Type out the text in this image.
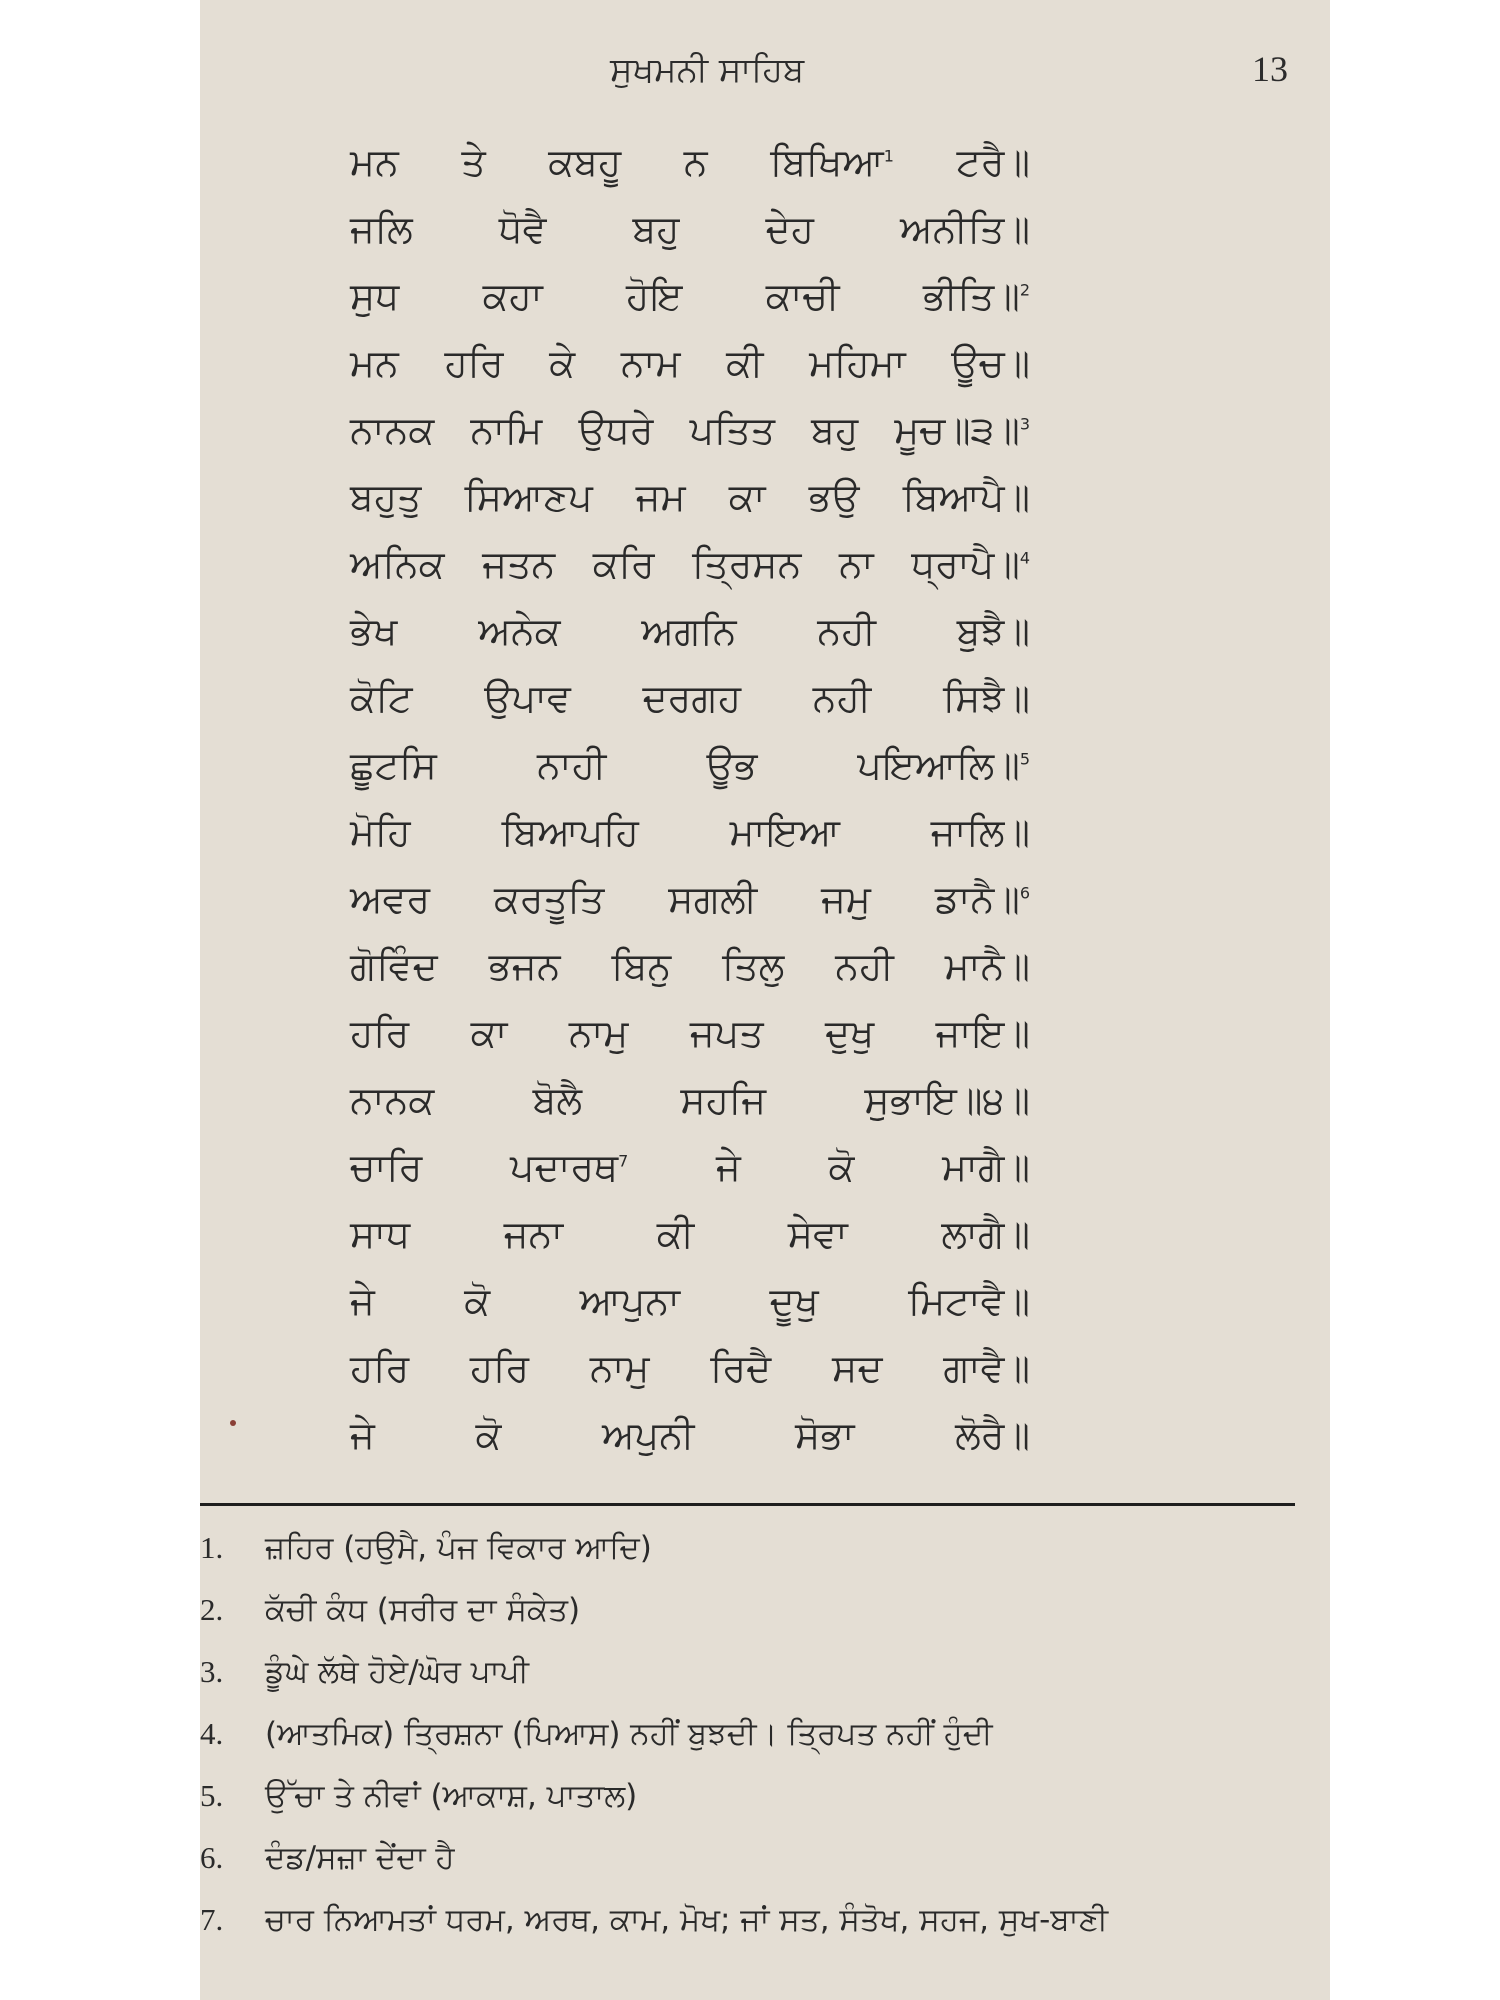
ਸੁਖਮਨੀ ਸਾਹਿਬ	13
ਮਨ ਤੇ ਕਬਹੂ ਨ ਬਿਖਿਆ$^1$ ਟਰੈ॥
ਜਲਿ ਧੋਵੈ ਬਹੁ ਦੇਹ ਅਨੀਤਿ॥
ਸੁਧ ਕਹਾ ਹੋਇ ਕਾਚੀ ਭੀਤਿ॥$^2$
ਮਨ ਹਰਿ ਕੇ ਨਾਮ ਕੀ ਮਹਿਮਾ ਊਚ॥
ਨਾਨਕ ਨਾਮਿ ਉਧਰੇ ਪਤਿਤ ਬਹੁ ਮੂਚ॥੩॥$^3$
ਬਹੁਤੁ ਸਿਆਣਪ ਜਮ ਕਾ ਭਉ ਬਿਆਪੈ॥
ਅਨਿਕ ਜਤਨ ਕਰਿ ਤ੍ਰਿਸਨ ਨਾ ਧ੍ਰਾਪੈ॥$^4$
ਭੇਖ ਅਨੇਕ ਅਗਨਿ ਨਹੀ ਬੁਝੈ॥
ਕੋਟਿ ਉਪਾਵ ਦਰਗਹ ਨਹੀ ਸਿਝੈ॥
ਛੂਟਸਿ	ਨਾਹੀ	ਊਭ	ਪਇਆਲਿ॥$^5$
ਮੋਹਿ ਬਿਆਪਹਿ ਮਾਇਆ ਜਾਲਿ॥
ਅਵਰ ਕਰਤੂਤਿ ਸਗਲੀ ਜਮੁ ਡਾਨੈ॥$^6$
ਗੋਵਿੰਦ ਭਜਨ ਬਿਨੁ ਤਿਲੁ ਨਹੀ ਮਾਨੈ॥
ਹਰਿ ਕਾ ਨਾਮੁ ਜਪਤ ਦੁਖੁ ਜਾਇ॥
ਨਾਨਕ	ਬੋਲੈ	ਸਹਜਿ	ਸੁਭਾਇ॥੪॥
ਚਾਰਿ ਪਦਾਰਥ$^7$ ਜੇ ਕੋ ਮਾਗੈ॥
ਸਾਧ ਜਨਾ ਕੀ ਸੇਵਾ ਲਾਗੈ॥
ਜੇ ਕੋ ਆਪੁਨਾ ਦੂਖੁ ਮਿਟਾਵੈ॥
ਹਰਿ ਹਰਿ ਨਾਮੁ ਰਿਦੈ ਸਦ ਗਾਵੈ॥
ਜੇ	ਕੋ	ਅਪੁਨੀ	ਸੋਭਾ	ਲੋਰੈ॥
1. ਜ਼ਹਿਰ (ਹਉਮੈ, ਪੰਜ ਵਿਕਾਰ ਆਦਿ)
2. ਕੱਚੀ ਕੰਧ (ਸਰੀਰ ਦਾ ਸੰਕੇਤ)
3. ਡੂੰਘੇ ਲੱਥੇ ਹੋਏ/ਘੋਰ ਪਾਪੀ
4. (ਆਤਮਿਕ) ਤ੍ਰਿਸ਼ਨਾ (ਪਿਆਸ) ਨਹੀਂ ਬੁਝਦੀ। ਤ੍ਰਿਪਤ ਨਹੀਂ ਹੁੰਦੀ
5. ਉੱਚਾ ਤੇ ਨੀਵਾਂ (ਆਕਾਸ਼, ਪਾਤਾਲ)
6. ਦੰਡ/ਸਜ਼ਾ ਦੇਂਦਾ ਹੈ
7. ਚਾਰ ਨਿਆਮਤਾਂ ਧਰਮ, ਅਰਥ, ਕਾਮ, ਮੋਖ; ਜਾਂ ਸਤ, ਸੰਤੋਖ, ਸਹਜ, ਸੁਖ-ਬਾਣੀ
